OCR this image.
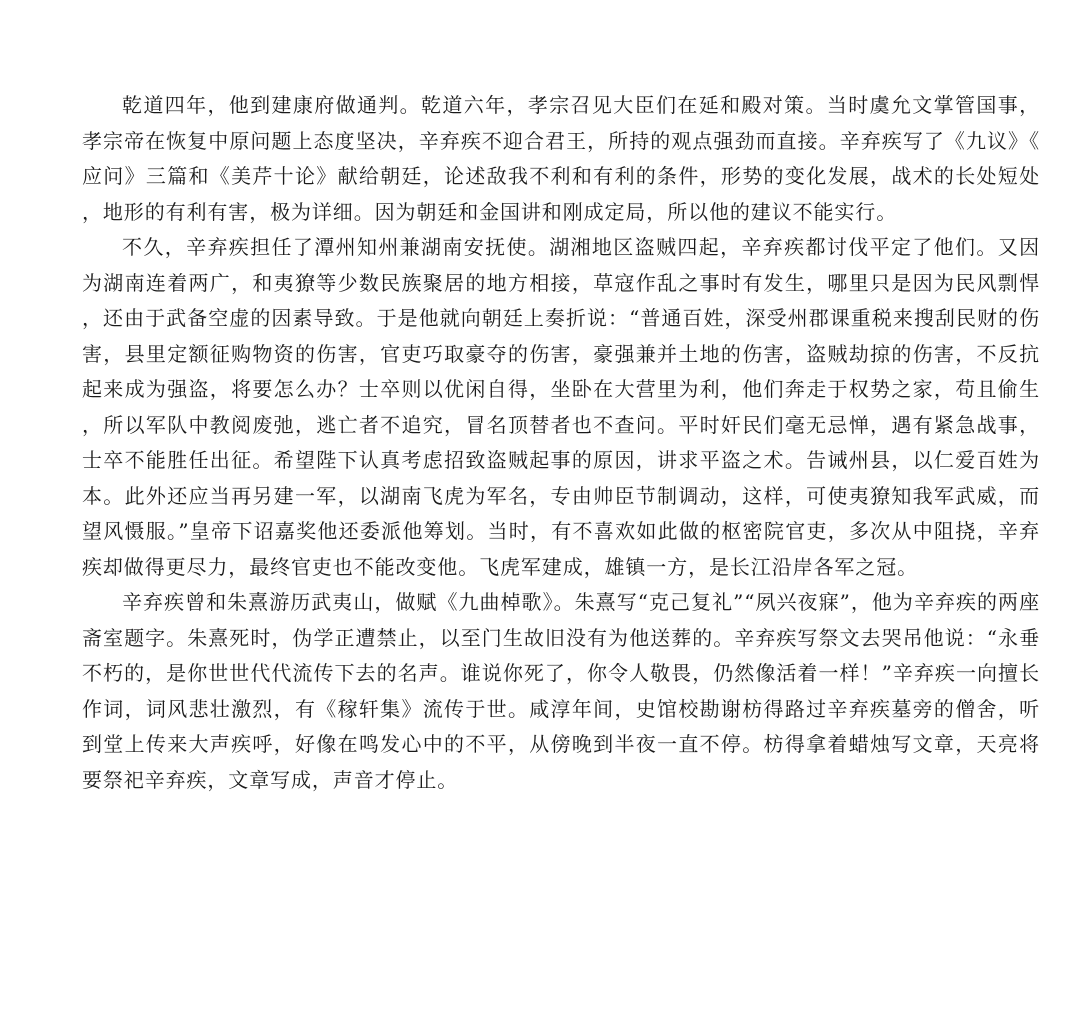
乾道四年，他到建康府做通判。乾道六年，孝宗召见大臣们在延和殿对策。当时虞允文掌管国事，孝宗帝在恢复中原问题上态度坚决，辛弃疾不迎合君王，所持的观点强劲而直接。辛弃疾写了《九议》《应问》三篇和《美芹十论》献给朝廷，论述敌我不利和有利的条件，形势的变化发展，战术的长处短处，地形的有利有害，极为详细。因为朝廷和金国讲和刚成定局，所以他的建议不能实行。

不久，辛弃疾担任了潭州知州兼湖南安抚使。湖湘地区盗贼四起，辛弃疾都讨伐平定了他们。又因为湖南连着两广，和夷獠等少数民族聚居的地方相接，草寇作乱之事时有发生，哪里只是因为民风剽悍，还由于武备空虚的因素导致。于是他就向朝廷上奏折说：“普通百姓，深受州郡课重税来搜刮民财的伤害，县里定额征购物资的伤害，官吏巧取豪夺的伤害，豪强兼并土地的伤害，盗贼劫掠的伤害，不反抗起来成为强盗，将要怎么办？士卒则以优闲自得，坐卧在大营里为利，他们奔走于权势之家，苟且偷生，所以军队中教阅废弛，逃亡者不追究，冒名顶替者也不查问。平时奸民们毫无忌惮，遇有紧急战事，士卒不能胜任出征。希望陛下认真考虑招致盗贼起事的原因，讲求平盗之术。告诫州县，以仁爱百姓为本。此外还应当再另建一军，以湖南飞虎为军名，专由帅臣节制调动，这样，可使夷獠知我军武威，而望风慑服。”皇帝下诏嘉奖他还委派他筹划。当时，有不喜欢如此做的枢密院官吏，多次从中阻挠，辛弃疾却做得更尽力，最终官吏也不能改变他。飞虎军建成，雄镇一方，是长江沿岸各军之冠。

辛弃疾曾和朱熹游历武夷山，做赋《九曲棹歌》。朱熹写“克己复礼”“夙兴夜寐”，他为辛弃疾的两座斋室题字。朱熹死时，伪学正遭禁止，以至门生故旧没有为他送葬的。辛弃疾写祭文去哭吊他说：“永垂不朽的，是你世世代代流传下去的名声。谁说你死了，你令人敬畏，仍然像活着一样！”辛弃疾一向擅长作词，词风悲壮激烈，有《稼轩集》流传于世。咸淳年间，史馆校勘谢枋得路过辛弃疾墓旁的僧舍，听到堂上传来大声疾呼，好像在鸣发心中的不平，从傍晚到半夜一直不停。枋得拿着蜡烛写文章，天亮将要祭祀辛弃疾，文章写成，声音才停止。
